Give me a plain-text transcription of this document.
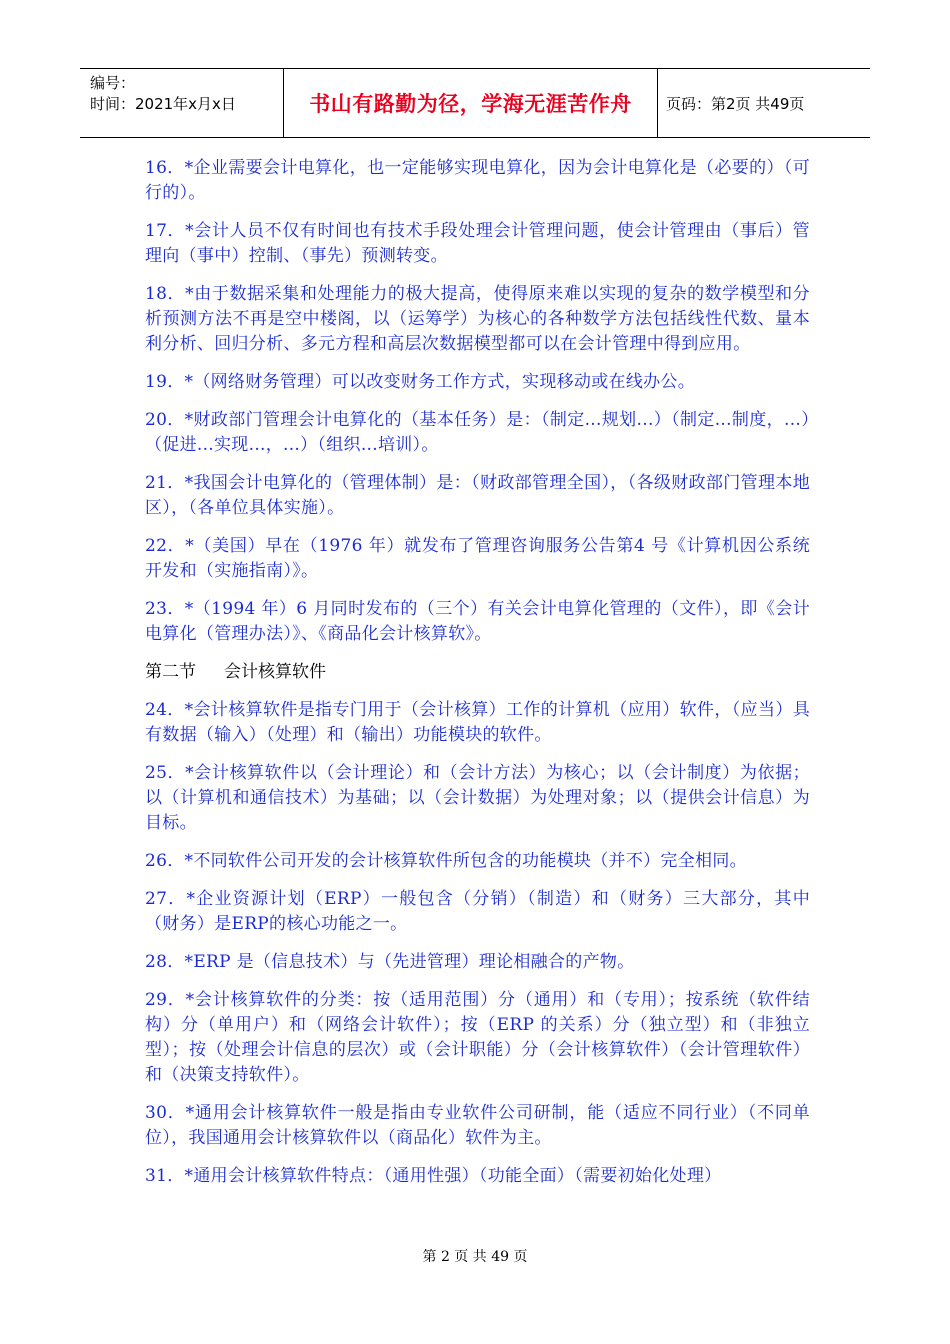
编号：
时间：2021年x月x日	书山有路勤为径，学海无涯苦作舟	页码：第2页 共49页

16．*企业需要会计电算化，也一定能够实现电算化，因为会计电算化是（必要的）（可行的）。

17．*会计人员不仅有时间也有技术手段处理会计管理问题，使会计管理由（事后）管理向（事中）控制、（事先）预测转变。

18．*由于数据采集和处理能力的极大提高，使得原来难以实现的复杂的数学模型和分析预测方法不再是空中楼阁，以（运筹学）为核心的各种数学方法包括线性代数、量本利分析、回归分析、多元方程和高层次数据模型都可以在会计管理中得到应用。

19．*（网络财务管理）可以改变财务工作方式，实现移动或在线办公。

20．*财政部门管理会计电算化的（基本任务）是：（制定...规划...）（制定...制度，...）（促进...实现...，...）（组织...培训）。

21．*我国会计电算化的（管理体制）是：（财政部管理全国），（各级财政部门管理本地区），（各单位具体实施）。

22．*（美国）早在（1976 年）就发布了管理咨询服务公告第4 号《计算机因公系统开发和（实施指南）》。

23．*（1994 年）6 月同时发布的（三个）有关会计电算化管理的（文件），即《会计电算化（管理办法）》、《商品化会计核算软》。

第二节 会计核算软件

24．*会计核算软件是指专门用于（会计核算）工作的计算机（应用）软件，（应当）具有数据（输入）（处理）和（输出）功能模块的软件。

25．*会计核算软件以（会计理论）和（会计方法）为核心；以（会计制度）为依据；以（计算机和通信技术）为基础；以（会计数据）为处理对象；以（提供会计信息）为目标。

26．*不同软件公司开发的会计核算软件所包含的功能模块（并不）完全相同。

27．*企业资源计划（ERP）一般包含（分销）（制造）和（财务）三大部分，其中（财务）是ERP的核心功能之一。

28．*ERP 是（信息技术）与（先进管理）理论相融合的产物。

29．*会计核算软件的分类：按（适用范围）分（通用）和（专用）；按系统（软件结构）分（单用户）和（网络会计软件）；按（ERP 的关系）分（独立型）和（非独立型）；按（处理会计信息的层次）或（会计职能）分（会计核算软件）（会计管理软件）和（决策支持软件）。

30．*通用会计核算软件一般是指由专业软件公司研制，能（适应不同行业）（不同单位），我国通用会计核算软件以（商品化）软件为主。

31．*通用会计核算软件特点：（通用性强）（功能全面）（需要初始化处理）

第 2 页 共 49 页
